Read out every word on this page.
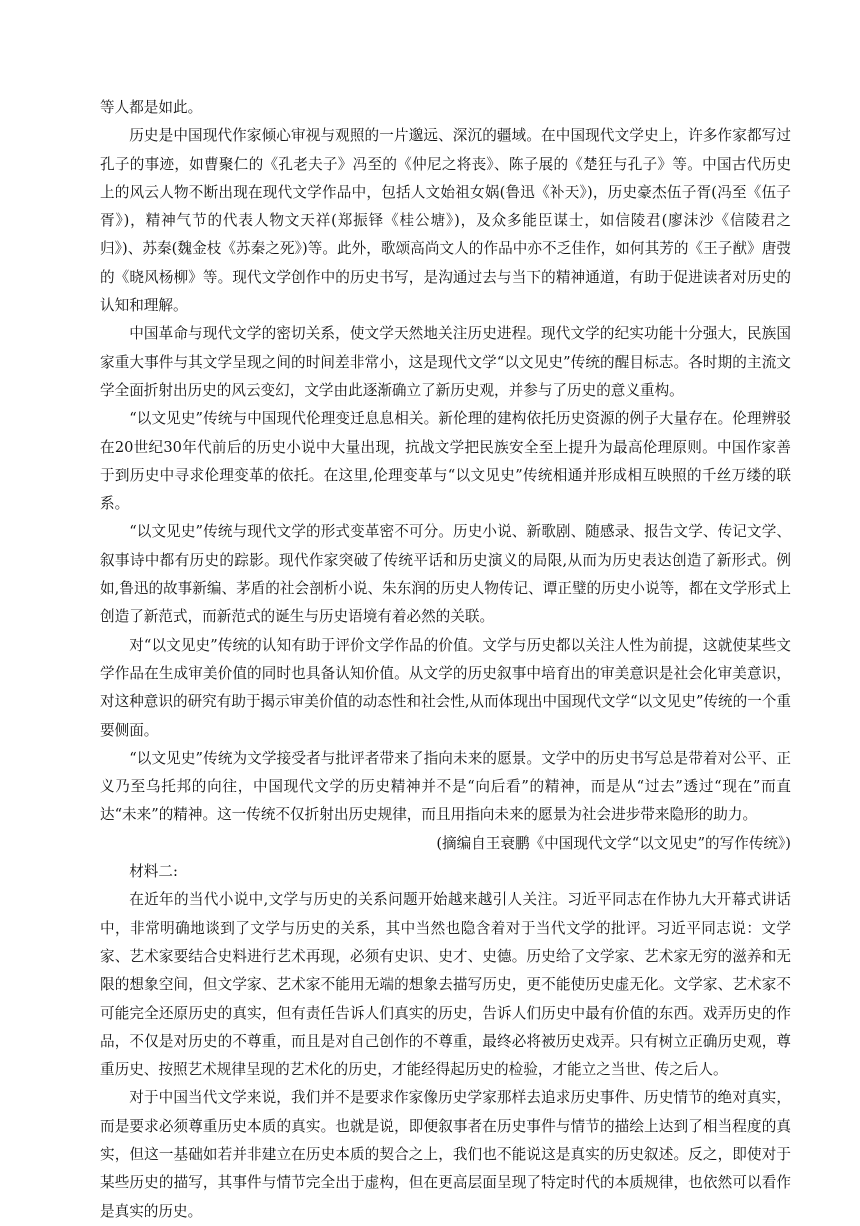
等人都是如此。

历史是中国现代作家倾心审视与观照的一片邈远、深沉的疆域。在中国现代文学史上，许多作家都写过孔子的事迹，如曹聚仁的《孔老夫子》冯至的《仲尼之将丧》、陈子展的《楚狂与孔子》等。中国古代历史上的风云人物不断出现在现代文学作品中，包括人文始祖女娲(鲁迅《补天》)，历史豪杰伍子胥(冯至《伍子胥》)，精神气节的代表人物文天祥(郑振铎《桂公塘》)，及众多能臣谋士，如信陵君(廖沫沙《信陵君之归》)、苏秦(魏金枝《苏秦之死》)等。此外，歌颂高尚文人的作品中亦不乏佳作，如何其芳的《王子猷》唐弢的《晓风杨柳》等。现代文学创作中的历史书写，是沟通过去与当下的精神通道，有助于促进读者对历史的认知和理解。

中国革命与现代文学的密切关系，使文学天然地关注历史进程。现代文学的纪实功能十分强大，民族国家重大事件与其文学呈现之间的时间差非常小，这是现代文学“以文见史”传统的醒目标志。各时期的主流文学全面折射出历史的风云变幻，文学由此逐渐确立了新历史观，并参与了历史的意义重构。

“以文见史”传统与中国现代伦理变迁息息相关。新伦理的建构依托历史资源的例子大量存在。伦理辨驳在20世纪30年代前后的历史小说中大量出现，抗战文学把民族安全至上提升为最高伦理原则。中国作家善于到历史中寻求伦理变革的依托。在这里,伦理变革与“以文见史”传统相通并形成相互映照的千丝万缕的联系。

“以文见史”传统与现代文学的形式变革密不可分。历史小说、新歌剧、随感录、报告文学、传记文学、叙事诗中都有历史的踪影。现代作家突破了传统平话和历史演义的局限,从而为历史表达创造了新形式。例如,鲁迅的故事新编、茅盾的社会剖析小说、朱东润的历史人物传记、谭正璧的历史小说等，都在文学形式上创造了新范式，而新范式的诞生与历史语境有着必然的关联。

对“以文见史”传统的认知有助于评价文学作品的价值。文学与历史都以关注人性为前提，这就使某些文学作品在生成审美价值的同时也具备认知价值。从文学的历史叙事中培育出的审美意识是社会化审美意识，对这种意识的研究有助于揭示审美价值的动态性和社会性,从而体现出中国现代文学“以文见史”传统的一个重要侧面。

“以文见史”传统为文学接受者与批评者带来了指向未来的愿景。文学中的历史书写总是带着对公平、正义乃至乌托邦的向往，中国现代文学的历史精神并不是“向后看”的精神，而是从“过去”透过“现在”而直达“未来”的精神。这一传统不仅折射出历史规律，而且用指向未来的愿景为社会进步带来隐形的助力。

(摘编自王衰鹏《中国现代文学“以文见史”的写作传统》)

材料二:

在近年的当代小说中,文学与历史的关系问题开始越来越引人关注。习近平同志在作协九大开幕式讲话中，非常明确地谈到了文学与历史的关系，其中当然也隐含着对于当代文学的批评。习近平同志说：文学家、艺术家要结合史料进行艺术再现，必须有史识、史才、史德。历史给了文学家、艺术家无穷的滋养和无限的想象空间，但文学家、艺术家不能用无端的想象去描写历史，更不能使历史虚无化。文学家、艺术家不可能完全还原历史的真实，但有责任告诉人们真实的历史，告诉人们历史中最有价值的东西。戏弄历史的作品，不仅是对历史的不尊重，而且是对自己创作的不尊重，最终必将被历史戏弄。只有树立正确历史观，尊重历史、按照艺术规律呈现的艺术化的历史，才能经得起历史的检验，才能立之当世、传之后人。

对于中国当代文学来说，我们并不是要求作家像历史学家那样去追求历史事件、历史情节的绝对真实，而是要求必须尊重历史本质的真实。也就是说，即便叙事者在历史事件与情节的描绘上达到了相当程度的真实，但这一基础如若并非建立在历史本质的契合之上，我们也不能说这是真实的历史叙述。反之，即使对于某些历史的描写，其事件与情节完全出于虚构，但在更高层面呈现了特定时代的本质规律，也依然可以看作是真实的历史。
